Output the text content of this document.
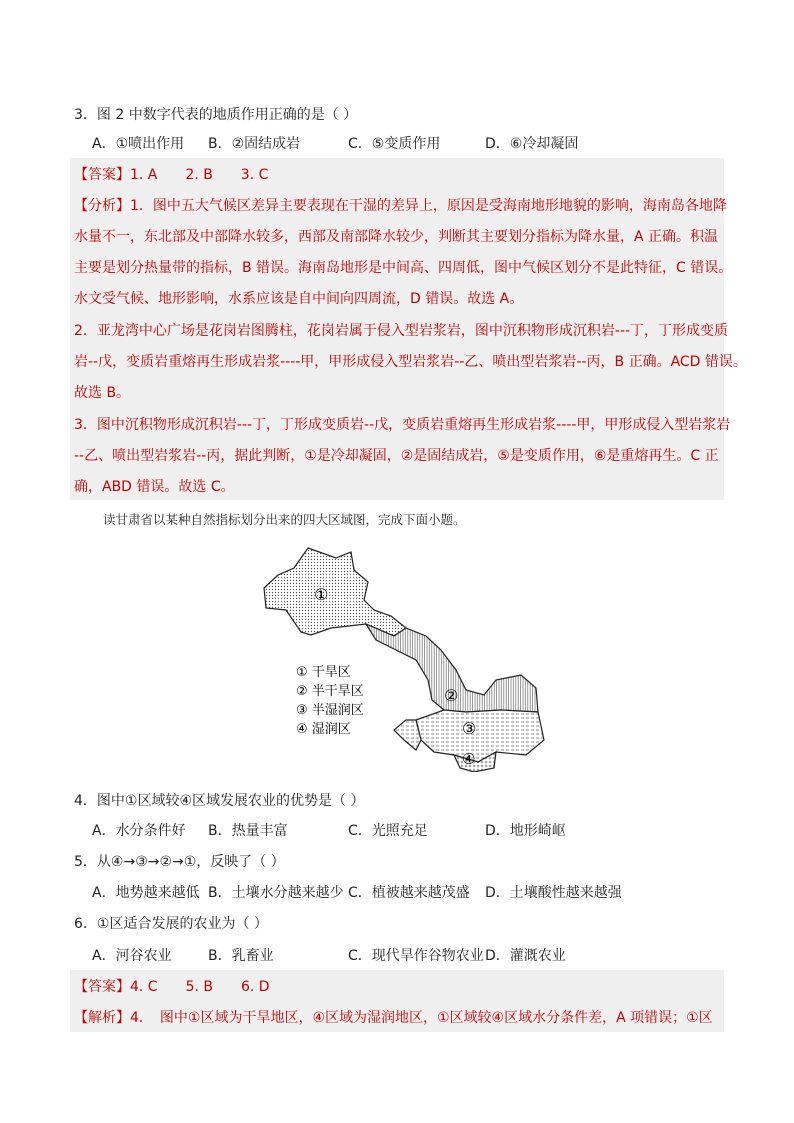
3．图 2 中数字代表的地质作用正确的是（ ）
A．①喷出作用 B．②固结成岩	C．⑤变质作用	D．⑥冷却凝固
【答案】1. A　　2. B　　3. C
【分析】1．图中五大气候区差异主要表现在干湿的差异上，原因是受海南地形地貌的影响，海南岛各地降
水量不一，东北部及中部降水较多，西部及南部降水较少，判断其主要划分指标为降水量，A 正确。积温
主要是划分热量带的指标，B 错误。海南岛地形是中间高、四周低，图中气候区划分不是此特征，C 错误。
水文受气候、地形影响，水系应该是自中间向四周流，D 错误。故选 A。
2．亚龙湾中心广场是花岗岩图腾柱，花岗岩属于侵入型岩浆岩，图中沉积物形成沉积岩---丁，丁形成变质
岩--戊，变质岩重熔再生形成岩浆----甲，甲形成侵入型岩浆岩--乙、喷出型岩浆岩--丙，B 正确。ACD 错误。
故选 B。
3．图中沉积物形成沉积岩---丁，丁形成变质岩--戊，变质岩重熔再生形成岩浆----甲，甲形成侵入型岩浆岩
--乙、喷出型岩浆岩--丙，据此判断，①是冷却凝固，②是固结成岩，⑤是变质作用，⑥是重熔再生。C 正
确，ABD 错误。故选 C。
读甘肃省以某种自然指标划分出来的四大区域图，完成下面小题。
①
②
③
④
① 干旱区
② 半干旱区
③ 半湿润区
④ 湿润区
4．图中①区域较④区域发展农业的优势是（ ）
A．水分条件好 B．热量丰富	C．光照充足	D．地形崎岖
5．从④→③→②→①，反映了（ ）
A．地势越来越低 B．土壤水分越来越少 C．植被越来越茂盛 D．土壤酸性越来越强
6．①区适合发展的农业为（ ）
A．河谷农业	B．乳畜业	C．现代旱作谷物农业 D．灌溉农业
【答案】4. C　　5. B　　6. D
【解析】4．　图中①区域为干旱地区，④区域为湿润地区，①区域较④区域水分条件差，A 项错误；①区
